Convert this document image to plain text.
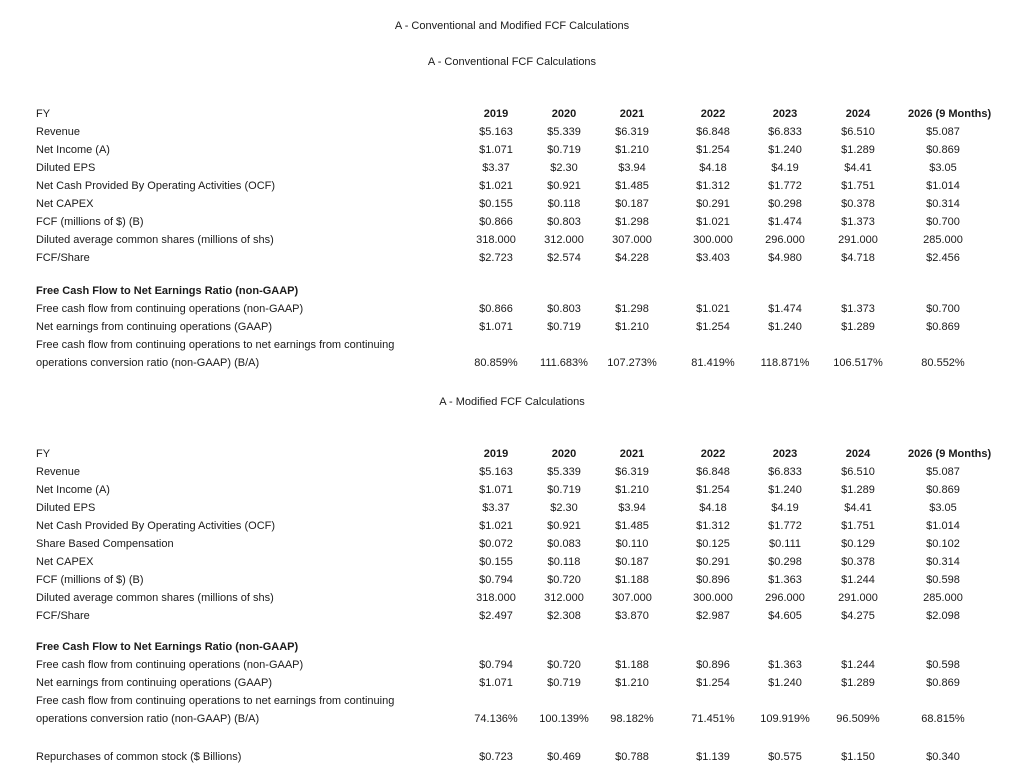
A - Conventional and Modified FCF Calculations
A - Conventional FCF Calculations
A - Modified FCF Calculations
FY	2019	2020	2021	2022	2023	2024	2026 (9 Months)
Revenue	$5.163	$5.339	$6.319	$6.848	$6.833	$6.510	$5.087
Net Income (A)	$1.071	$0.719	$1.210	$1.254	$1.240	$1.289	$0.869
Diluted EPS	$3.37	$2.30	$3.94	$4.18	$4.19	$4.41	$3.05
Net Cash Provided By Operating Activities (OCF)	$1.021	$0.921	$1.485	$1.312	$1.772	$1.751	$1.014
Net CAPEX	$0.155	$0.118	$0.187	$0.291	$0.298	$0.378	$0.314
FCF (millions of $) (B)	$0.866	$0.803	$1.298	$1.021	$1.474	$1.373	$0.700
Diluted average common shares (millions of shs)	318.000	312.000	307.000	300.000	296.000	291.000	285.000
FCF/Share	$2.723	$2.574	$4.228	$3.403	$4.980	$4.718	$2.456
Free Cash Flow to Net Earnings Ratio (non-GAAP)
Free cash flow from continuing operations (non-GAAP)	$0.866	$0.803	$1.298	$1.021	$1.474	$1.373	$0.700
Net earnings from continuing operations (GAAP)	$1.071	$0.719	$1.210	$1.254	$1.240	$1.289	$0.869
Free cash flow from continuing operations to net earnings from continuing
operations conversion ratio (non-GAAP) (B/A)	80.859%	111.683%	107.273%	81.419%	118.871%	106.517%	80.552%
FY	2019	2020	2021	2022	2023	2024	2026 (9 Months)
Revenue	$5.163	$5.339	$6.319	$6.848	$6.833	$6.510	$5.087
Net Income (A)	$1.071	$0.719	$1.210	$1.254	$1.240	$1.289	$0.869
Diluted EPS	$3.37	$2.30	$3.94	$4.18	$4.19	$4.41	$3.05
Net Cash Provided By Operating Activities (OCF)	$1.021	$0.921	$1.485	$1.312	$1.772	$1.751	$1.014
Share Based Compensation	$0.072	$0.083	$0.110	$0.125	$0.111	$0.129	$0.102
Net CAPEX	$0.155	$0.118	$0.187	$0.291	$0.298	$0.378	$0.314
FCF (millions of $) (B)	$0.794	$0.720	$1.188	$0.896	$1.363	$1.244	$0.598
Diluted average common shares (millions of shs)	318.000	312.000	307.000	300.000	296.000	291.000	285.000
FCF/Share	$2.497	$2.308	$3.870	$2.987	$4.605	$4.275	$2.098
Free Cash Flow to Net Earnings Ratio (non-GAAP)
Free cash flow from continuing operations (non-GAAP)	$0.794	$0.720	$1.188	$0.896	$1.363	$1.244	$0.598
Net earnings from continuing operations (GAAP)	$1.071	$0.719	$1.210	$1.254	$1.240	$1.289	$0.869
Free cash flow from continuing operations to net earnings from continuing
operations conversion ratio (non-GAAP) (B/A)	74.136%	100.139%	98.182%	71.451%	109.919%	96.509%	68.815%
Repurchases of common stock ($ Billions)	$0.723	$0.469	$0.788	$1.139	$0.575	$1.150	$0.340
